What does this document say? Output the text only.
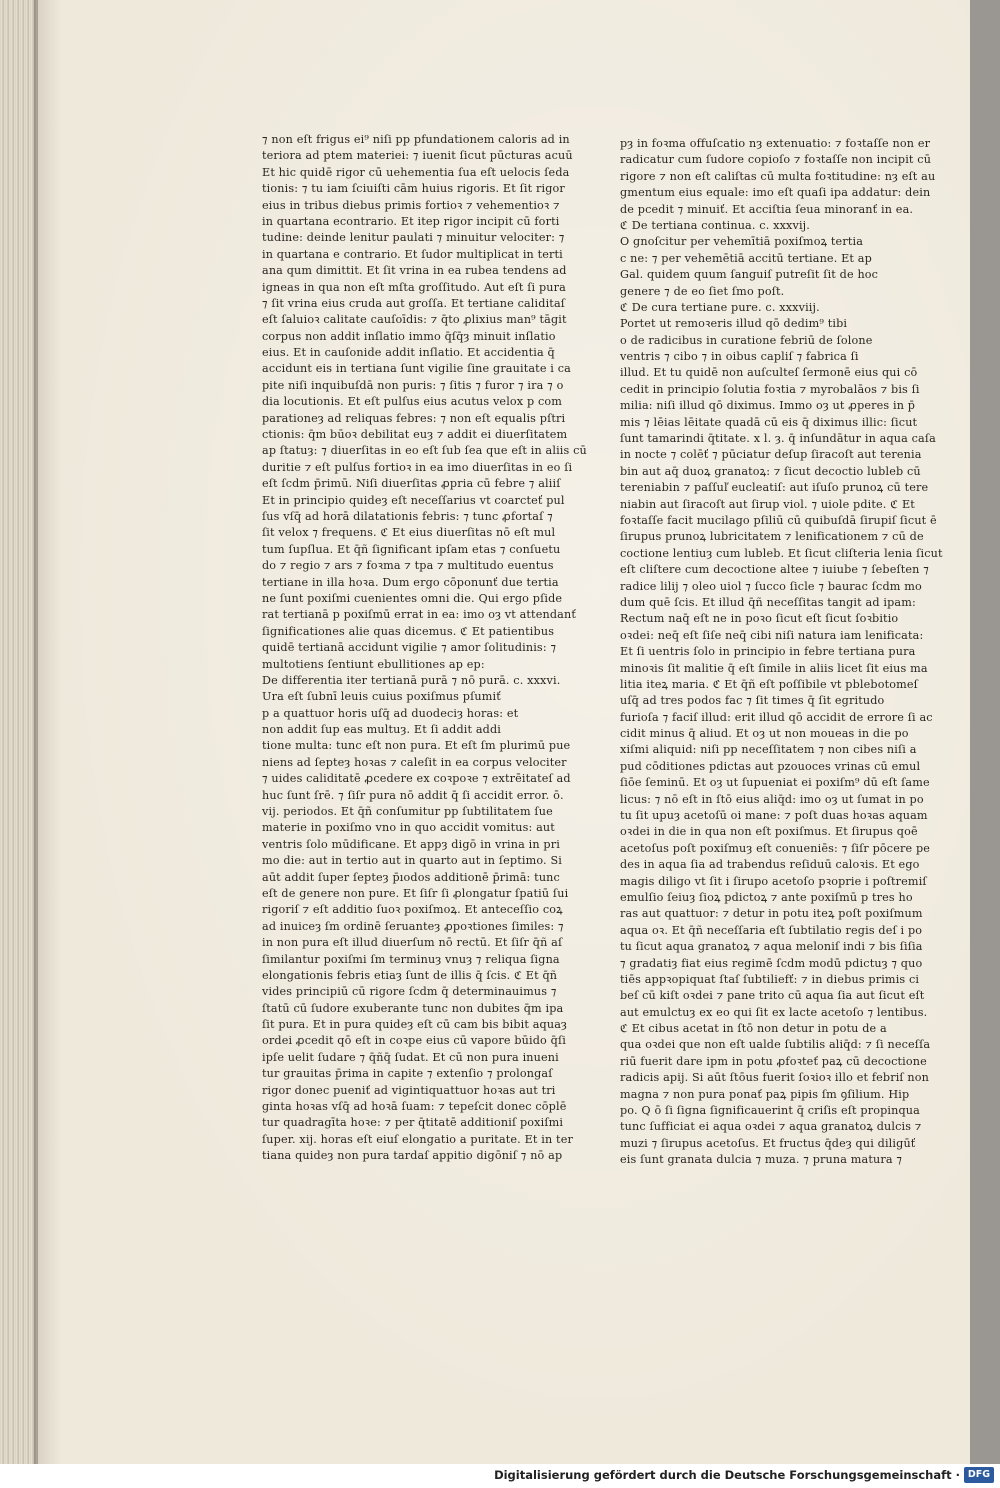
⁊ non eſt frigus ei⁹ niſi pp pfundationem caloris ad in
teriora ad ptem materiei: ⁊ iuenit ſicut pūcturas acuū
Et hic quidē rigor cū uehementia ſua eſt uelocis ſeda
tionis: ⁊ tu iam ſciuiſti cām huius rigoris. Et ſit rigor
eius in tribus diebus primis fortioꝛ ⁊ vehementioꝛ ⁊
in quartana econtrario. Et itep rigor incipit cū forti
tudine: deinde lenitur paulati ⁊ minuitur velociter: ⁊
in quartana e contrario. Et ſudor multiplicat in terti
ana qum dimittit. Et ſit vrina in ea rubea tendens ad
igneas in qua non eſt mſta groſſitudo. Aut eſt ſi pura
⁊ ſit vrina eius cruda aut groſſa. Et tertiane caliditaſ
eſt ſaluioꝛ calitate cauſoīdis: ⁊ q̄to ꝓlixius man⁹ tāgit
corpus non addit inſlatio immo q̄ſq̄ȝ minuit inſlatio
eius. Et in cauſonide addit inſlatio. Et accidentia q̄
accidunt eis in tertiana ſunt vigilie ſine grauitate i ca
pite niſi inquibuſdā non puris: ⁊ ſitis ⁊ furor ⁊ ira ⁊ o
dia locutionis. Et eſt pulſus eius acutus velox p com
parationeȝ ad reliquas febres: ⁊ non eſt equalis pſtri
ctionis: q̄m būoꝛ debilitat euȝ ⁊ addit ei diuerſitatem
ap ſtatuȝ: ⁊ diuerſitas in eo eſt ſub ſea que eſt in aliis cū
duritie ⁊ eſt pulſus fortioꝛ in ea imo diuerſitas in eo ſi
eſt ſcdm p̄rimū. Niſi diuerſitas ꝓpria cū febre ⁊ aliiſ
Et in principio quideȝ eſt neceſſarius vt coarcteť pul
ſus vſq̄ ad horā dilatationis febris: ⁊ tunc ꝓfortaſ ⁊
ſit velox ⁊ frequens. ℭ Et eius diuerſitas nō eſt mul
tum ſupſlua. Et q̄ñ ſignificant ipſam etas ⁊ conſuetu
do ⁊ regio ⁊ ars ⁊ foꝛma ⁊ tpa ⁊ multitudo euentus
tertiane in illa hoꝛa. Dum ergo cōponunť due tertia
ne ſunt poxiſmi cuenientes omni die. Qui ergo pſide
rat tertianā p poxiſmū errat in ea: imo oȝ vt attendanť
ſignificationes alie quas dicemus. ℭ Et patientibus
quidē tertianā accidunt vigilie ⁊ amor ſolitudinis: ⁊
multotiens ſentiunt ebullitiones ap ep:
De differentia iter tertianā purā ⁊ nō purā. c. xxxvi.
Ura eſt ſubnī leuis cuius poxiſmus pſumiť
p a quattuor horis uſq̄ ad duodeciȝ horas: et
non addit ſup eas multuȝ. Et ſi addit addi
tione multa: tunc eſt non pura. Et eſt ſm plurimū pue
niens ad ſepteȝ hoꝛas ⁊ caleſit in ea corpus velociter
⁊ uides caliditatē ꝓcedere ex coꝛpoꝛe ⁊ extrēitateſ ad
huc ſunt ſrē. ⁊ ſiſr pura nō addit q̄ ſi accidit error. ō.
vij. periodos. Et q̄ñ conſumitur pp ſubtilitatem ſue
materie in poxiſmo vno in quo accidit vomitus: aut
ventris ſolo mūdificane. Et appȝ digō in vrina in pri
mo die: aut in tertio aut in quarto aut in ſeptimo. Si
aūt addit ſuper ſepteȝ p̄ıodos additionē p̄rimā: tunc
eſt de genere non pure. Et ſiſr ſi ꝓlongatur ſpatiū ſui
rigoriſ ⁊ eſt additio ſuoꝛ poxiſmoꝝ. Et anteceſſio coꝝ
ad inuiceȝ ſm ordinē ſeruanteȝ ꝓpoꝛtiones ſimiles: ⁊
in non pura eſt illud diuerſum nō rectū. Et ſiſr q̄ñ aſ
ſimilantur poxiſmi ſm terminuȝ vnuȝ ⁊ reliqua ſigna
elongationis febris etiaȝ ſunt de illis q̄ ſcis. ℭ Et q̄ñ
vides principiū cū rigore ſcdm q̄ determinauimus ⁊
ſtatū cū ſudore exuberante tunc non dubites q̄m ipa
ſit pura. Et in pura quideȝ eſt cū cam bis bibit aquaȝ
ordei ꝓcedit qō eſt in coꝛpe eius cū vapore būido q̄ſi
ipſe uelit ſudare ⁊ q̄ñq̄ ſudat. Et cū non pura inueni
tur grauitas p̄rima in capite ⁊ extenſio ⁊ prolongaſ
rigor donec pueniť ad vigintiquattuor hoꝛas aut tri
ginta hoꝛas vſq̄ ad hoꝛā ſuam: ⁊ tepeſcit donec cōplē
tur quadragīta hoꝛe: ⁊ per q̄titatē additioniſ poxiſmi
ſuper. xij. horas eſt eiuſ elongatio a puritate. Et in ter
tiana quideȝ non pura tardaſ appitio digōniſ ⁊ nō ap
pȝ in foꝛma offuſcatio nȝ extenuatio: ⁊ foꝛtaſſe non er
radicatur cum ſudore copioſo ⁊ foꝛtaſſe non incipit cū
rigore ⁊ non eſt caliſtas cū multa foꝛtitudine: nȝ eſt au
gmentum eius equale: imo eſt quaſi ipa addatur: dein
de pcedit ⁊ minuiť. Et acciſtia ſeua minoranť in ea.
ℭ De tertiana continua. c. xxxvij.
O gnoſcitur per vehemītiā poxiſmoꝝ tertia
c ne: ⁊ per vehemētiā accitū tertiane. Et ap
Gal. quidem quum ſanguiſ putreſit ſit de hoc
genere ⁊ de eo ſiet ſmo poſt.
ℭ De cura tertiane pure. c. xxxviij.
Portet ut remoꝛeris illud qō dedim⁹ tibi
o de radicibus in curatione febriū de ſolone
ventris ⁊ cibo ⁊ in oibus capliſ ⁊ fabrica ſi
illud. Et tu quidē non auſculteſ ſermonē eius qui cō
cedit in principio ſolutia foꝛtia ⁊ myrobalāos ⁊ bis ſi
milia: niſi illud qō diximus. Immo oȝ ut ꝓperes in p̄
mis ⁊ lēias lēitate quadā cū eis q̄ diximus illic: ſicut
ſunt tamarindi q̄titate. x l. ȝ. q̄ inſundātur in aqua caſa
in nocte ⁊ colēť ⁊ pūciatur deſup ſiracoſt aut terenia
bin aut aq̄ duoꝝ granatoꝝ: ⁊ ſicut decoctio lubleb cū
tereniabin ⁊ paſſuľ eucleatiſ: aut iſuſo prunoꝝ cū tere
niabin aut ſiracoſt aut ſirup viol. ⁊ uiole pdite. ℭ Et
foꝛtaſſe facit mucilago pſiliū cū quibuſdā ſirupiſ ſicut ē
ſirupus prunoꝝ lubricitatem ⁊ lenificationem ⁊ cū de
coctione lentiuȝ cum lubleb. Et ſicut cliſteria lenia ſicut
eſt cliſtere cum decoctione altee ⁊ iuiube ⁊ ſebeſten ⁊
radice lilij ⁊ oleo uiol ⁊ ſucco ſicle ⁊ baurac ſcdm mo
dum quē ſcis. Et illud q̄ñ neceſſitas tangit ad ipam:
Rectum naq̄ eſt ne in poꝛo ſicut eſt ſicut ſoꝛbitio
oꝛdei: neq̄ eſt ſiſe neq̄ cibi niſi natura iam lenificata:
Et ſi uentris ſolo in principio in febre tertiana pura
minoꝛis ſit malitie q̄ eſt ſimile in aliis licet ſit eius ma
litia iteꝝ maria. ℭ Et q̄ñ eſt poſſibile vt pblebotomeſ
uſq̄ ad tres podos fac ⁊ ſit times q̄ ſit egritudo
furioſa ⁊ faciſ illud: erit illud qō accidit de errore ſi ac
cidit minus q̄ aliud. Et oȝ ut non moueas in die po
xiſmi aliquid: niſi pp neceſſitatem ⁊ non cibes niſi a
pud cōditiones pdictas aut pzouoces vrinas cū emul
ſiōe ſeminū. Et oȝ ut ſupueniat ei poxiſm⁹ dū eſt ſame
licus: ⁊ nō eſt in ſtō eius aliq̄d: imo oȝ ut ſumat in po
tu ſit upuȝ acetoſū oi mane: ⁊ poſt duas hoꝛas aquam
oꝛdei in die in qua non eſt poxiſmus. Et ſirupus qoē
acetoſus poſt poxiſmuȝ eſt conueniēs: ⁊ ſiſr pōcere pe
des in aqua ſia ad trabendus reſiduū caloꝛis. Et ego
magis diligo vt ſit i ſirupo acetoſo pꝛoprie i poſtremiſ
emulſio ſeiuȝ ſioꝝ pdictoꝝ ⁊ ante poxiſmū p tres ho
ras aut quattuor: ⁊ detur in potu iteꝝ poſt poxiſmum
aqua oꝛ. Et q̄ñ neceſſaria eſt ſubtilatio regis deſ i po
tu ſicut aqua granatoꝝ ⁊ aqua meloniſ indi ⁊ bis ſiſia
⁊ gradatiȝ fiat eius regimē ſcdm modū pdictuȝ ⁊ quo
tiēs appꝛopiquat ſtaſ ſubtiliefť: ⁊ in diebus primis ci
beſ cū kiſt oꝛdei ⁊ pane trito cū aqua ſia aut ſicut eſt
aut emulctuȝ ex eo qui ſit ex lacte acetoſo ⁊ lentibus.
ℭ Et cibus acetat in ſtō non detur in potu de a
qua oꝛdei que non eſt ualde ſubtilis aliq̄d: ⁊ ſi neceſſa
riū fuerit dare ipm in potu ꝓfoꝛteť paꝝ cū decoctione
radicis apij. Si aūt ſtōus fuerit ſoꝛioꝛ illo et febriſ non
magna ⁊ non pura ponať paꝝ pipis ſm ꝯſilium. Hip
po. Q ō ſi ſigna ſignificauerint q̄ criſis eſt propinqua
tunc ſufficiat ei aqua oꝛdei ⁊ aqua granatoꝝ dulcis ⁊
muzi ⁊ ſirupus acetoſus. Et fructus q̄deȝ qui diligūť
eis ſunt granata dulcia ⁊ muza. ⁊ pruna matura ⁊
Digitalisierung gefördert durch die Deutsche Forschungsgemeinschaft · DFG
